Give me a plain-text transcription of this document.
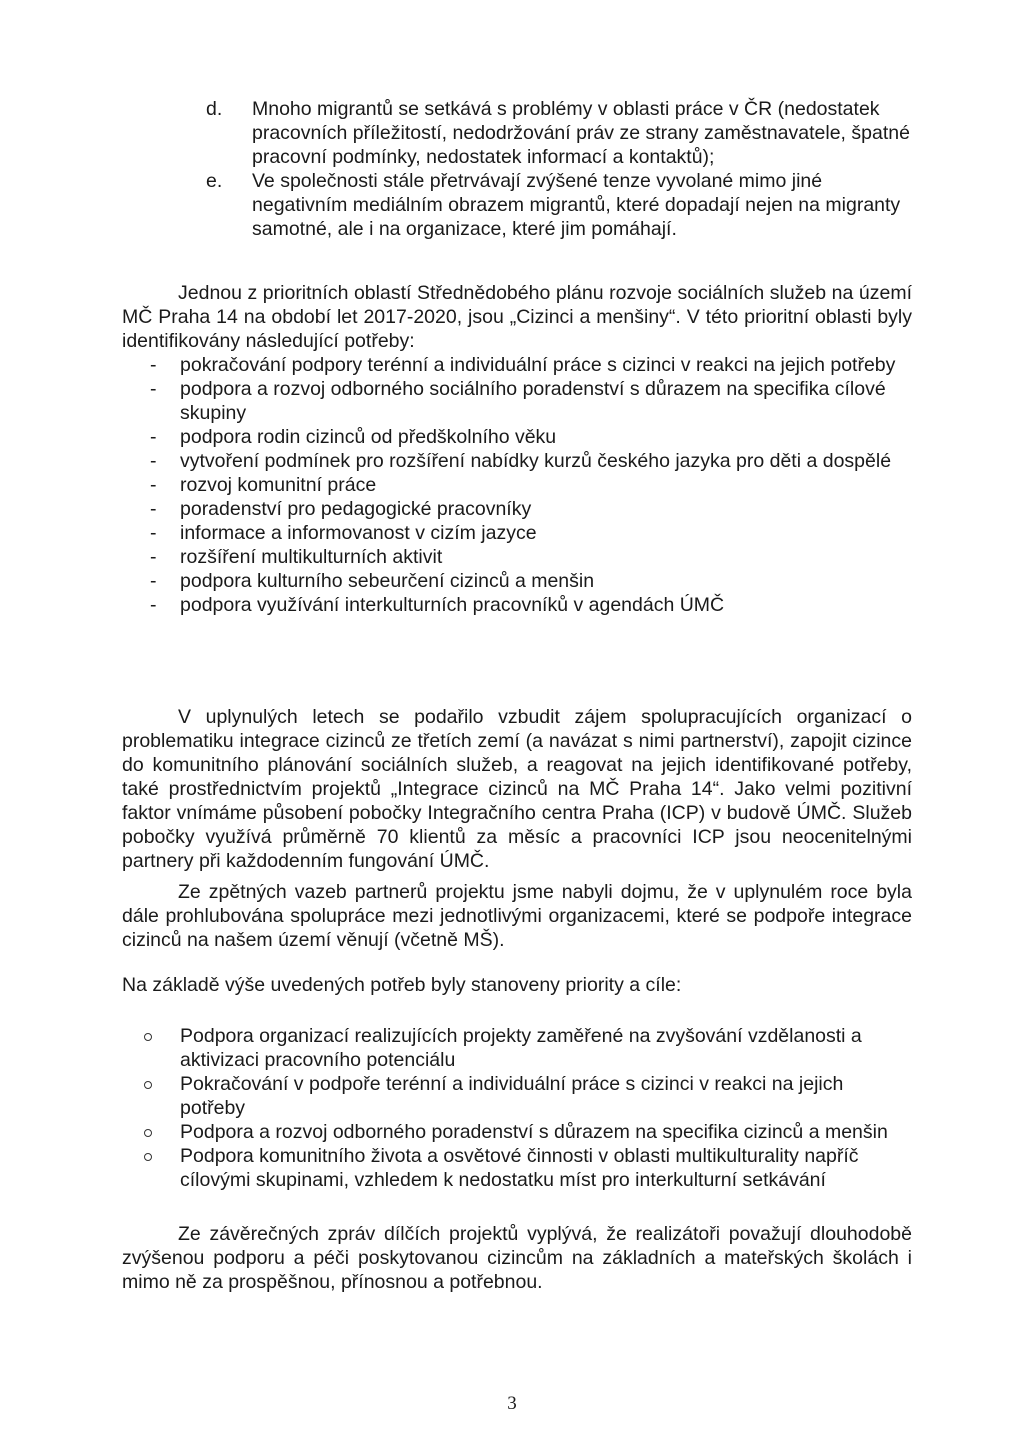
d. Mnoho migrantů se setkává s problémy v oblasti práce v ČR (nedostatek pracovních příležitostí, nedodržování práv ze strany zaměstnavatele, špatné pracovní podmínky, nedostatek informací a kontaktů);
e. Ve společnosti stále přetrvávají zvýšené tenze vyvolané mimo jiné negativním mediálním obrazem migrantů, které dopadají nejen na migranty samotné, ale i na organizace, které jim pomáhají.

Jednou z prioritních oblastí Střednědobého plánu rozvoje sociálních služeb na území MČ Praha 14 na období let 2017-2020, jsou „Cizinci a menšiny“. V této prioritní oblasti byly identifikovány následující potřeby:

- pokračování podpory terénní a individuální práce s cizinci v reakci na jejich potřeby
- podpora a rozvoj odborného sociálního poradenství s důrazem na specifika cílové skupiny
- podpora rodin cizinců od předškolního věku
- vytvoření podmínek pro rozšíření nabídky kurzů českého jazyka pro děti a dospělé
- rozvoj komunitní práce
- poradenství pro pedagogické pracovníky
- informace a informovanost v cizím jazyce
- rozšíření multikulturních aktivit
- podpora kulturního sebeurčení cizinců a menšin
- podpora využívání interkulturních pracovníků v agendách ÚMČ

V uplynulých letech se podařilo vzbudit zájem spolupracujících organizací o problematiku integrace cizinců ze třetích zemí (a navázat s nimi partnerství), zapojit cizince do komunitního plánování sociálních služeb, a reagovat na jejich identifikované potřeby, také prostřednictvím projektů „Integrace cizinců na MČ Praha 14“. Jako velmi pozitivní faktor vnímáme působení pobočky Integračního centra Praha (ICP) v budově ÚMČ. Služeb pobočky využívá průměrně 70 klientů za měsíc a pracovníci ICP jsou neocenitelnými partnery při každodenním fungování ÚMČ.

Ze zpětných vazeb partnerů projektu jsme nabyli dojmu, že v uplynulém roce byla dále prohlubována spolupráce mezi jednotlivými organizacemi, které se podpoře integrace cizinců na našem území věnují (včetně MŠ).

Na základě výše uvedených potřeb byly stanoveny priority a cíle:

Podpora organizací realizujících projekty zaměřené na zvyšování vzdělanosti a aktivizaci pracovního potenciálu
Pokračování v podpoře terénní a individuální práce s cizinci v reakci na jejich potřeby
Podpora a rozvoj odborného poradenství s důrazem na specifika cizinců a menšin
Podpora komunitního života a osvětové činnosti v oblasti multikulturality napříč cílovými skupinami, vzhledem k nedostatku míst pro interkulturní setkávání

Ze závěrečných zpráv dílčích projektů vyplývá, že realizátoři považují dlouhodobě zvýšenou podporu a péči poskytovanou cizincům na základních a mateřských školách i mimo ně za prospěšnou, přínosnou a potřebnou.

3
